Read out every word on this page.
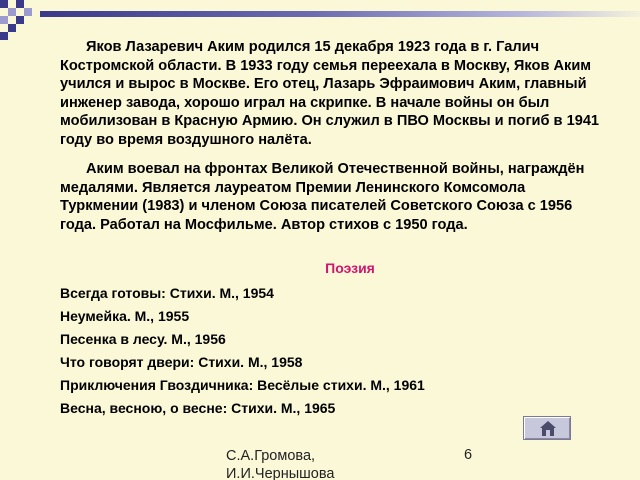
Яков Лазаревич Аким родился 15 декабря 1923 года в г. Галич Костромской области. В 1933 году семья переехала в Москву, Яков Аким учился и вырос в Москве. Его отец, Лазарь Эфраимович Аким, главный инженер завода, хорошо играл на скрипке. В начале войны он был мобилизован в Красную Армию. Он служил в ПВО Москвы и погиб в 1941 году во время воздушного налёта.
Аким воевал на фронтах Великой Отечественной войны, награждён медалями. Является лауреатом Премии Ленинского Комсомола Туркмении (1983) и членом Союза писателей Советского Союза с 1956 года. Работал на Мосфильме. Автор стихов с 1950 года.
Поэзия
Всегда готовы: Стихи. М., 1954
Неумейка. М., 1955
Песенка в лесу. М., 1956
Что говорят двери: Стихи. М., 1958
Приключения Гвоздичника: Весёлые стихи. М., 1961
Весна, весною, о весне: Стихи. М., 1965
С.А.Громова, И.И.Чернышова
6
